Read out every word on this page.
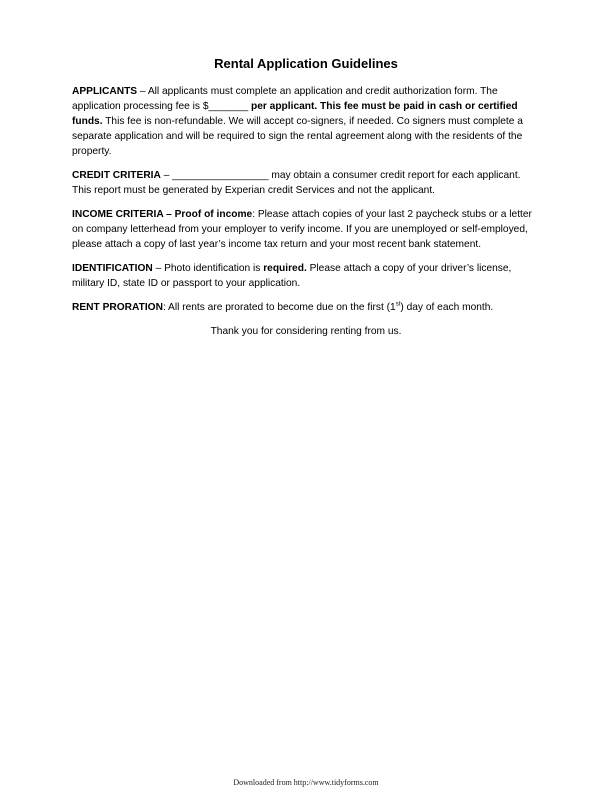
Rental Application Guidelines

APPLICANTS – All applicants must complete an application and credit authorization form. The application processing fee is $_______ per applicant. This fee must be paid in cash or certified funds. This fee is non-refundable. We will accept co-signers, if needed. Co signers must complete a separate application and will be required to sign the rental agreement along with the residents of the property.

CREDIT CRITERIA – _________________ may obtain a consumer credit report for each applicant. This report must be generated by Experian credit Services and not the applicant.

INCOME CRITERIA – Proof of income: Please attach copies of your last 2 paycheck stubs or a letter on company letterhead from your employer to verify income. If you are unemployed or self-employed, please attach a copy of last year’s income tax return and your most recent bank statement.

IDENTIFICATION – Photo identification is required. Please attach a copy of your driver’s license, military ID, state ID or passport to your application.

RENT PRORATION: All rents are prorated to become due on the first (1st) day of each month.

Thank you for considering renting from us.

Downloaded from http://www.tidyforms.com
